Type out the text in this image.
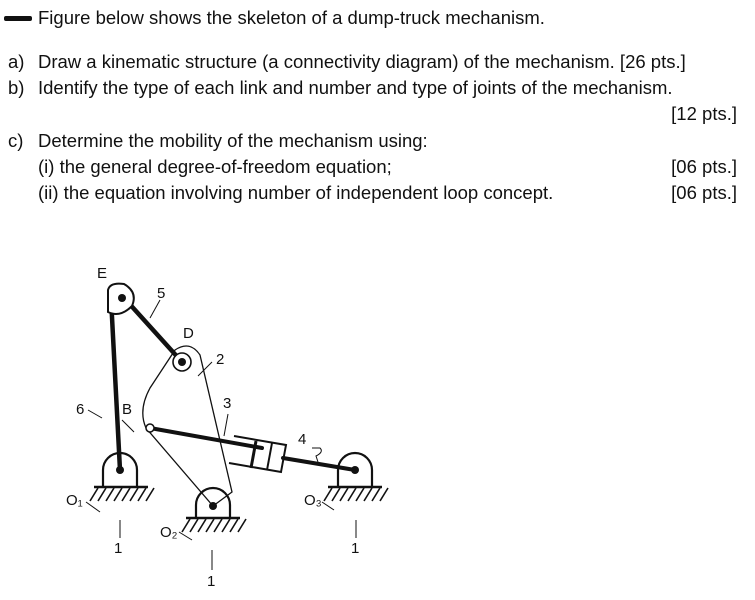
Figure below shows the skeleton of a dump-truck mechanism.
a) Draw a kinematic structure (a connectivity diagram) of the mechanism. [26 pts.]
b) Identify the type of each link and number and type of joints of the mechanism.
[12 pts.]
c) Determine the mobility of the mechanism using:
(i) the general degree-of-freedom equation;	[06 pts.]
(ii) the equation involving number of independent loop concept.	[06 pts.]
E
5
D
2
3
4
6	B
O₁
O₂
O₃
1
1
1
